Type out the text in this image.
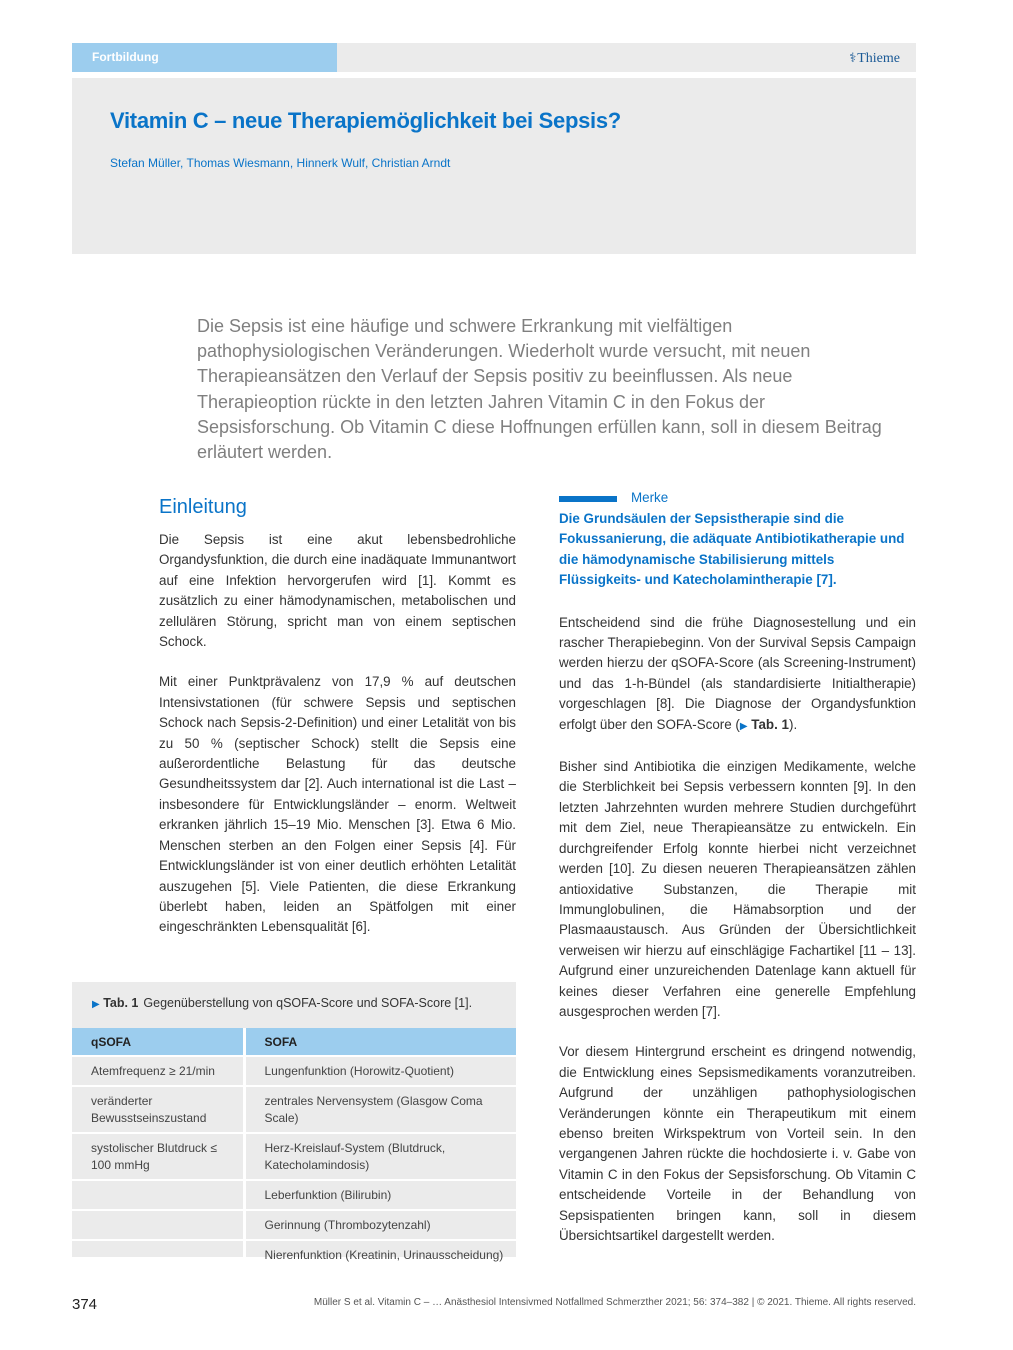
Fortbildung	⚕Thieme
Vitamin C – neue Therapiemöglichkeit bei Sepsis?
Stefan Müller, Thomas Wiesmann, Hinnerk Wulf, Christian Arndt

Die Sepsis ist eine häufige und schwere Erkrankung mit vielfältigen pathophysiologischen Veränderungen. Wiederholt wurde versucht, mit neuen Therapieansätzen den Verlauf der Sepsis positiv zu beeinflussen. Als neue Therapieoption rückte in den letzten Jahren Vitamin C in den Fokus der Sepsisforschung. Ob Vitamin C diese Hoffnungen erfüllen kann, soll in diesem Beitrag erläutert werden.

Einleitung

Die Sepsis ist eine akut lebensbedrohliche Organdysfunktion, die durch eine inadäquate Immunantwort auf eine Infektion hervorgerufen wird [1]. Kommt es zusätzlich zu einer hämodynamischen, metabolischen und zellulären Störung, spricht man von einem septischen Schock.

Mit einer Punktprävalenz von 17,9 % auf deutschen Intensivstationen (für schwere Sepsis und septischen Schock nach Sepsis-2-Definition) und einer Letalität von bis zu 50 % (septischer Schock) stellt die Sepsis eine außerordentliche Belastung für das deutsche Gesundheitssystem dar [2]. Auch international ist die Last – insbesondere für Entwicklungsländer – enorm. Weltweit erkranken jährlich 15–19 Mio. Menschen [3]. Etwa 6 Mio. Menschen sterben an den Folgen einer Sepsis [4]. Für Entwicklungsländer ist von einer deutlich erhöhten Letalität auszugehen [5]. Viele Patienten, die diese Erkrankung überlebt haben, leiden an Spätfolgen mit einer eingeschränkten Lebensqualität [6].

Merke

Die Grundsäulen der Sepsistherapie sind die Fokussanierung, die adäquate Antibiotikatherapie und die hämodynamische Stabilisierung mittels Flüssigkeits- und Katecholamintherapie [7].

Entscheidend sind die frühe Diagnosestellung und ein rascher Therapiebeginn. Von der Survival Sepsis Campaign werden hierzu der qSOFA-Score (als Screening-Instrument) und das 1-h-Bündel (als standardisierte Initialtherapie) vorgeschlagen [8]. Die Diagnose der Organdysfunktion erfolgt über den SOFA-Score (▶ Tab. 1).

Bisher sind Antibiotika die einzigen Medikamente, welche die Sterblichkeit bei Sepsis verbessern konnten [9]. In den letzten Jahrzehnten wurden mehrere Studien durchgeführt mit dem Ziel, neue Therapieansätze zu entwickeln. Ein durchgreifender Erfolg konnte hierbei nicht verzeichnet werden [10]. Zu diesen neueren Therapieansätzen zählen antioxidative Substanzen, die Therapie mit Immunglobulinen, die Hämabsorption und der Plasmaaustausch. Aus Gründen der Übersichtlichkeit verweisen wir hierzu auf einschlägige Fachartikel [11 – 13]. Aufgrund einer unzureichenden Datenlage kann aktuell für keines dieser Verfahren eine generelle Empfehlung ausgesprochen werden [7].

Vor diesem Hintergrund erscheint es dringend notwendig, die Entwicklung eines Sepsismedikaments voranzutreiben. Aufgrund der unzähligen pathophysiologischen Veränderungen könnte ein Therapeutikum mit einem ebenso breiten Wirkspektrum von Vorteil sein. In den vergangenen Jahren rückte die hochdosierte i. v. Gabe von Vitamin C in den Fokus der Sepsisforschung. Ob Vitamin C entscheidende Vorteile in der Behandlung von Sepsispatienten bringen kann, soll in diesem Übersichtsartikel dargestellt werden.

▶ Tab. 1 Gegenüberstellung von qSOFA-Score und SOFA-Score [1].
qSOFA	SOFA
Atemfrequenz ≥ 21/min	Lungenfunktion (Horowitz-Quotient)
veränderter Bewusstseinszustand	zentrales Nervensystem (Glasgow Coma Scale)
systolischer Blutdruck ≤ 100 mmHg	Herz-Kreislauf-System (Blutdruck, Katecholamindosis)
	Leberfunktion (Bilirubin)
	Gerinnung (Thrombozytenzahl)
	Nierenfunktion (Kreatinin, Urinausscheidung)
374	Müller S et al. Vitamin C – … Anästhesiol Intensivmed Notfallmed Schmerzther 2021; 56: 374–382 | © 2021. Thieme. All rights reserved.
